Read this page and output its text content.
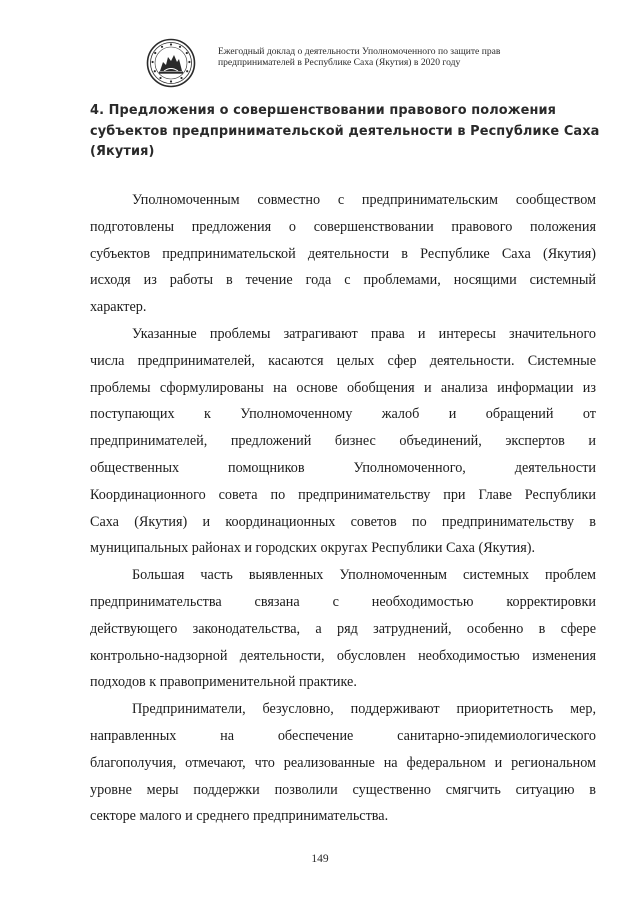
Ежегодный доклад о деятельности Уполномоченного по защите прав
предпринимателей в Республике Саха (Якутия) в 2020 году
4. Предложения о совершенствовании правового положения
субъектов предпринимательской деятельности в Республике Саха
(Якутия)
Уполномоченным совместно с предпринимательским сообществом
подготовлены предложения о совершенствовании правового положения
субъектов предпринимательской деятельности в Республике Саха (Якутия)
исходя из работы в течение года с проблемами, носящими системный
характер.
Указанные проблемы затрагивают права и интересы значительного
числа предпринимателей, касаются целых сфер деятельности. Системные
проблемы сформулированы на основе обобщения и анализа информации из
поступающих к Уполномоченному жалоб и обращений от
предпринимателей, предложений бизнес объединений, экспертов и
общественных помощников Уполномоченного, деятельности
Координационного совета по предпринимательству при Главе Республики
Саха (Якутия) и координационных советов по предпринимательству в
муниципальных районах и городских округах Республики Саха (Якутия).
Большая часть выявленных Уполномоченным системных проблем
предпринимательства связана с необходимостью корректировки
действующего законодательства, а ряд затруднений, особенно в сфере
контрольно-надзорной деятельности, обусловлен необходимостью изменения
подходов к правоприменительной практике.
Предприниматели, безусловно, поддерживают приоритетность мер,
направленных на обеспечение санитарно-эпидемиологического
благополучия, отмечают, что реализованные на федеральном и региональном
уровне меры поддержки позволили существенно смягчить ситуацию в
секторе малого и среднего предпринимательства.
149
